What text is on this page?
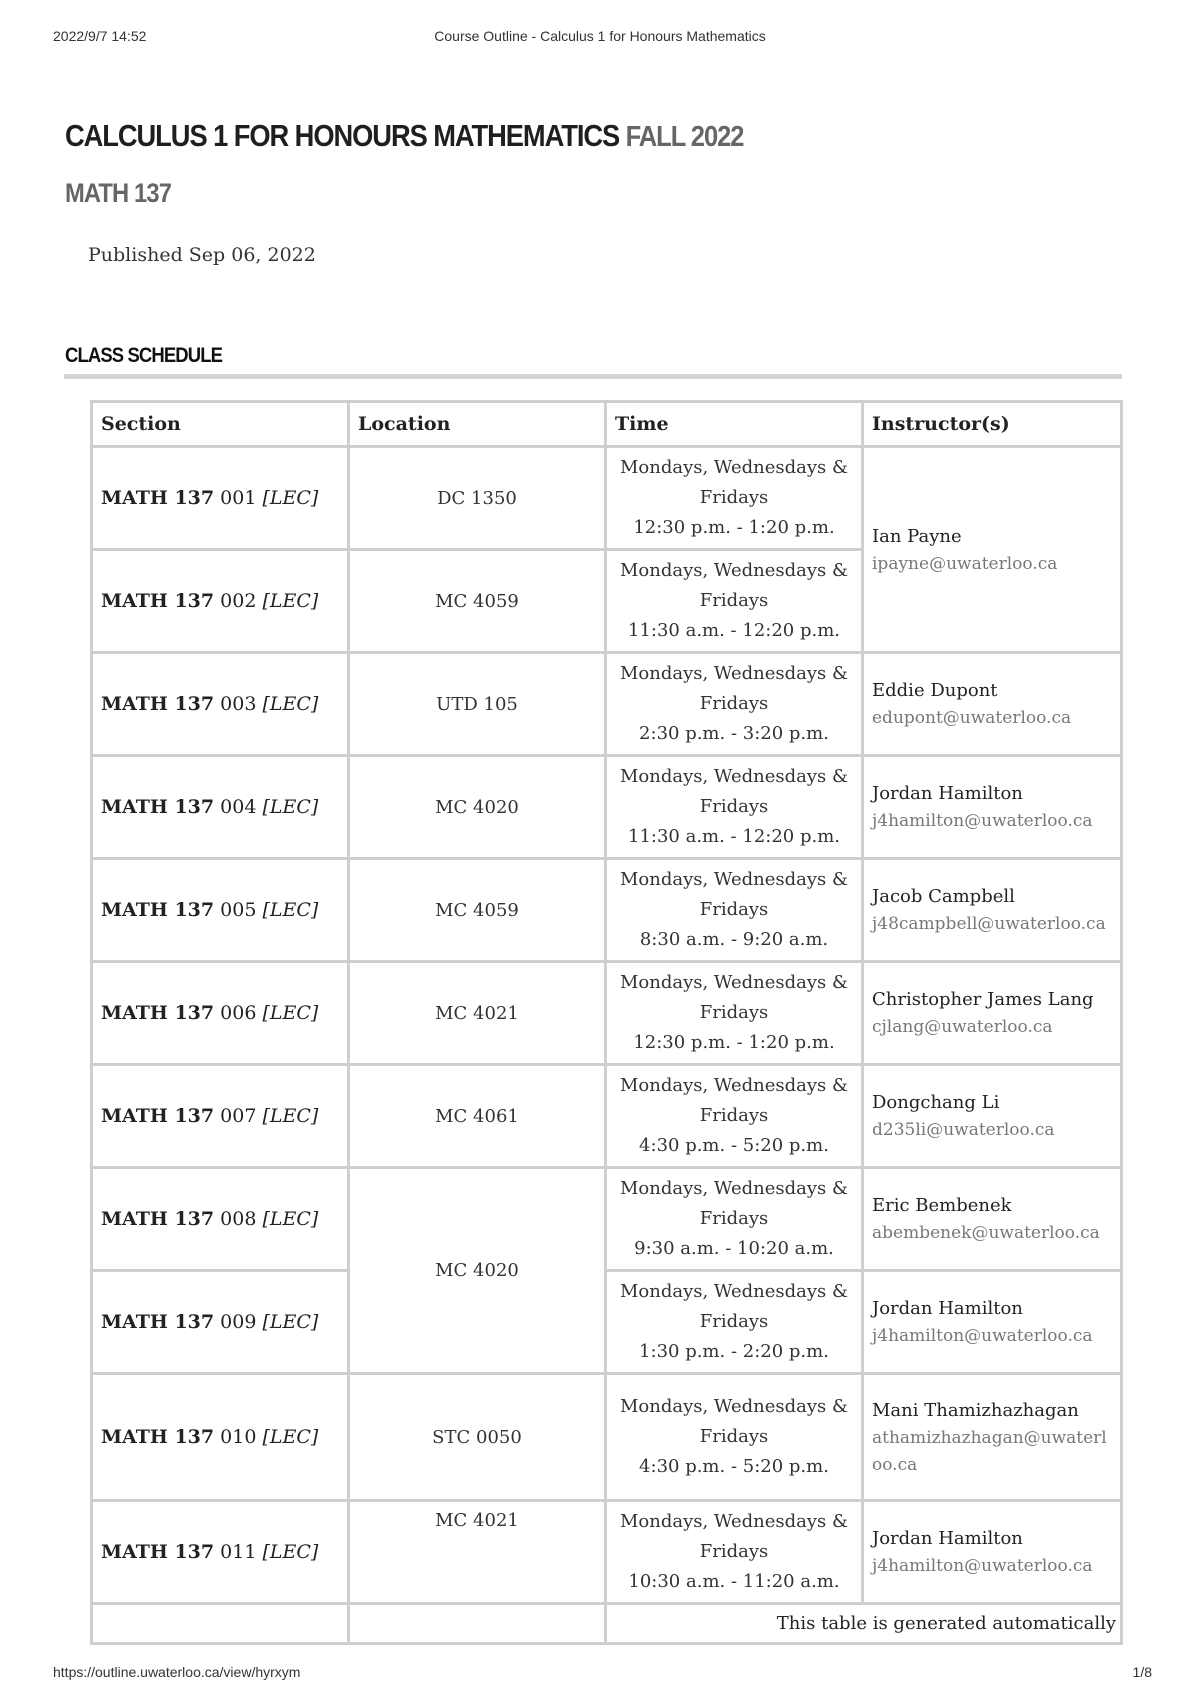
2022/9/7 14:52	Course Outline - Calculus 1 for Honours Mathematics
CALCULUS 1 FOR HONOURS MATHEMATICS FALL 2022
MATH 137

Published Sep 06, 2022

CLASS SCHEDULE
Section	Location	Time	Instructor(s)
MATH 137 001 [LEC]	DC 1350	Mondays, Wednesdays & Fridays
12:30 p.m. - 1:20 p.m.	Ian Payne
ipayne@uwaterloo.ca

MATH 137 002 [LEC]	MC 4059	Mondays, Wednesdays & Fridays
11:30 a.m. - 12:20 p.m.	
MATH 137 003 [LEC]	UTD 105	Mondays, Wednesdays & Fridays
2:30 p.m. - 3:20 p.m.	Eddie Dupont
edupont@uwaterloo.ca

MATH 137 004 [LEC]	MC 4020	Mondays, Wednesdays & Fridays
11:30 a.m. - 12:20 p.m.	Jordan Hamilton
j4hamilton@uwaterloo.ca

MATH 137 005 [LEC]	MC 4059	Mondays, Wednesdays & Fridays
8:30 a.m. - 9:20 a.m.	Jacob Campbell
j48campbell@uwaterloo.ca

MATH 137 006 [LEC]	MC 4021	Mondays, Wednesdays & Fridays
12:30 p.m. - 1:20 p.m.	Christopher James Lang
cjlang@uwaterloo.ca

MATH 137 007 [LEC]	MC 4061	Mondays, Wednesdays & Fridays
4:30 p.m. - 5:20 p.m.	Dongchang Li
d235li@uwaterloo.ca

MATH 137 008 [LEC]	MC 4020	Mondays, Wednesdays & Fridays
9:30 a.m. - 10:20 a.m.	Eric Bembenek
abembenek@uwaterloo.ca

MATH 137 009 [LEC]		Mondays, Wednesdays & Fridays
1:30 p.m. - 2:20 p.m.	Jordan Hamilton
j4hamilton@uwaterloo.ca

MATH 137 010 [LEC]	STC 0050	Mondays, Wednesdays & Fridays
4:30 p.m. - 5:20 p.m.	Mani Thamizhazhagan
athamizhazhagan@uwaterloo.ca

MATH 137 011 [LEC]	MC 4021	Mondays, Wednesdays & Fridays
10:30 a.m. - 11:20 a.m.	Jordan Hamilton
j4hamilton@uwaterloo.ca

		This table is generated automatically	
https://outline.uwaterloo.ca/view/hyrxym	1/8
